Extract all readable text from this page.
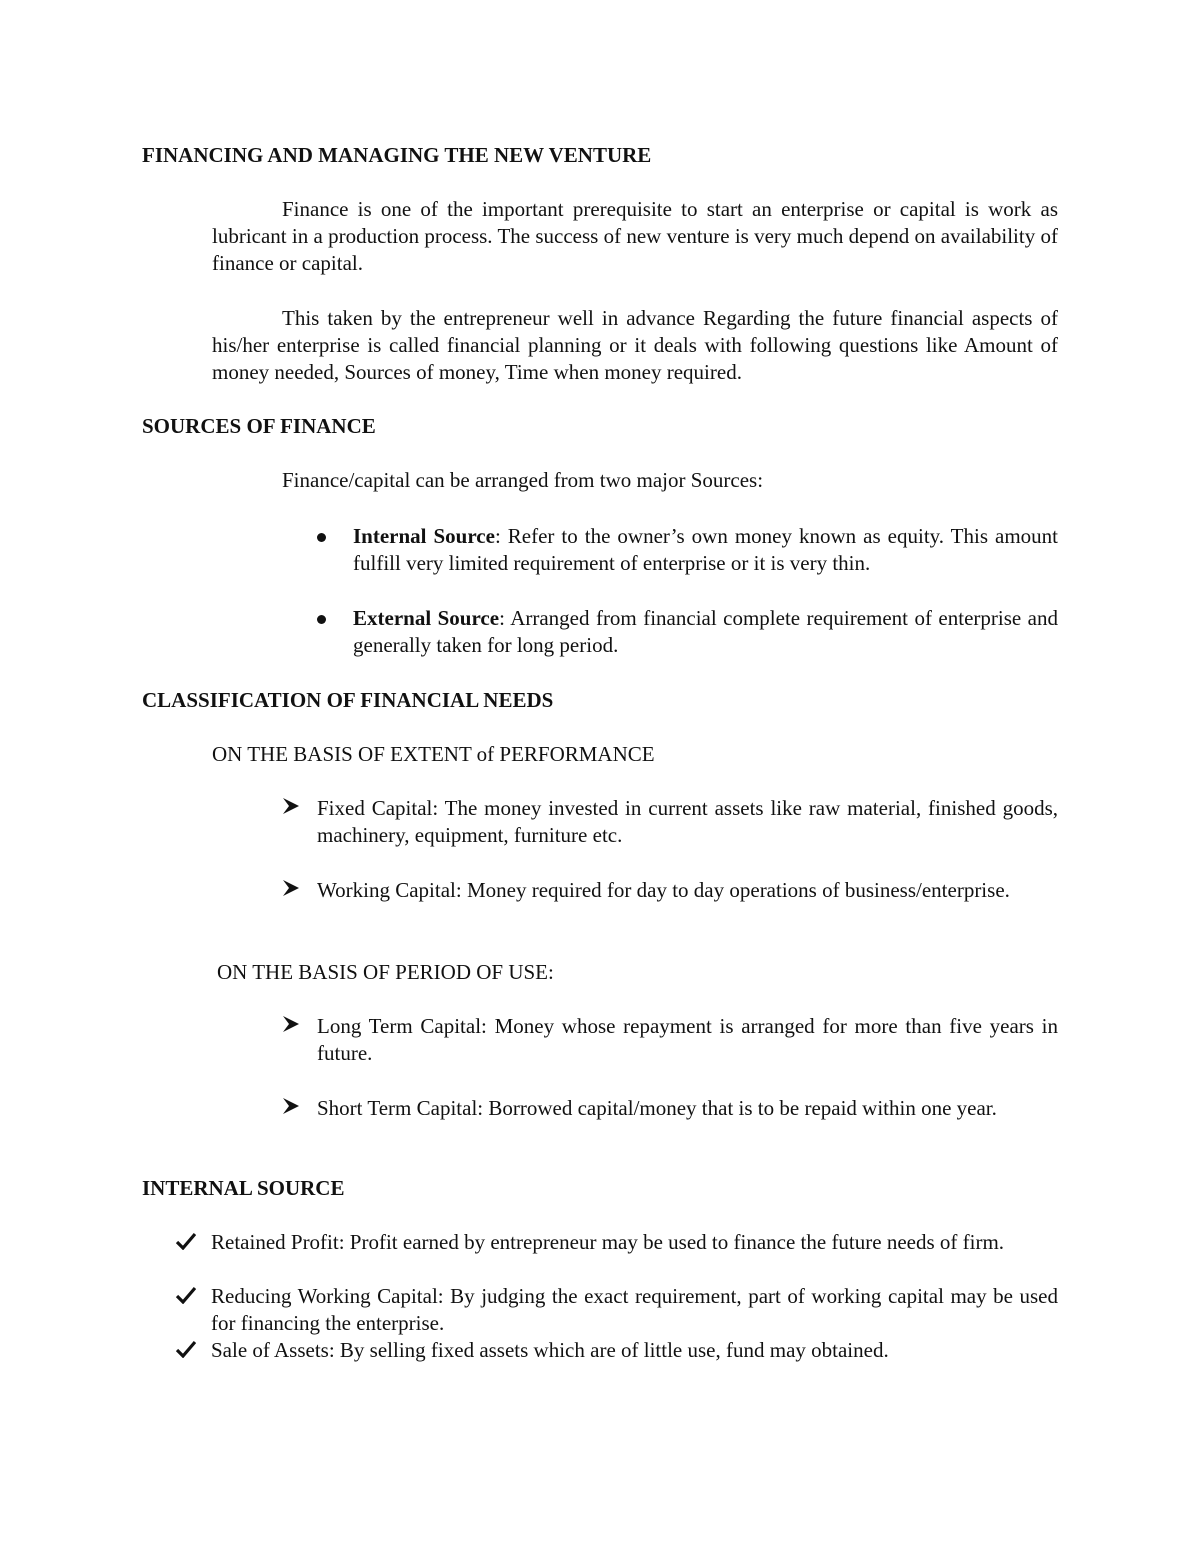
FINANCING AND MANAGING THE NEW VENTURE

Finance is one of the important prerequisite to start an enterprise or capital is work as lubricant in a production process. The success of new venture is very much depend on availability of finance or capital.

This taken by the entrepreneur well in advance Regarding the future financial aspects of his/her enterprise is called financial planning or it deals with following questions like Amount of money needed, Sources of money, Time when money required.

SOURCES OF FINANCE

Finance/capital can be arranged from two major Sources:

Internal Source: Refer to the owner’s own money known as equity. This amount fulfill very limited requirement of enterprise or it is very thin.

External Source: Arranged from financial complete requirement of enterprise and generally taken for long period.

CLASSIFICATION OF FINANCIAL NEEDS

ON THE BASIS OF EXTENT of PERFORMANCE

Fixed Capital: The money invested in current assets like raw material, finished goods, machinery, equipment, furniture etc.

Working Capital: Money required for day to day operations of business/enterprise.

ON THE BASIS OF PERIOD OF USE:

Long Term Capital: Money whose repayment is arranged for more than five years in future.

Short Term Capital: Borrowed capital/money that is to be repaid within one year.

INTERNAL SOURCE

Retained Profit: Profit earned by entrepreneur may be used to finance the future needs of firm.

Reducing Working Capital: By judging the exact requirement, part of working capital may be used for financing the enterprise.

Sale of Assets: By selling fixed assets which are of little use, fund may obtained.
